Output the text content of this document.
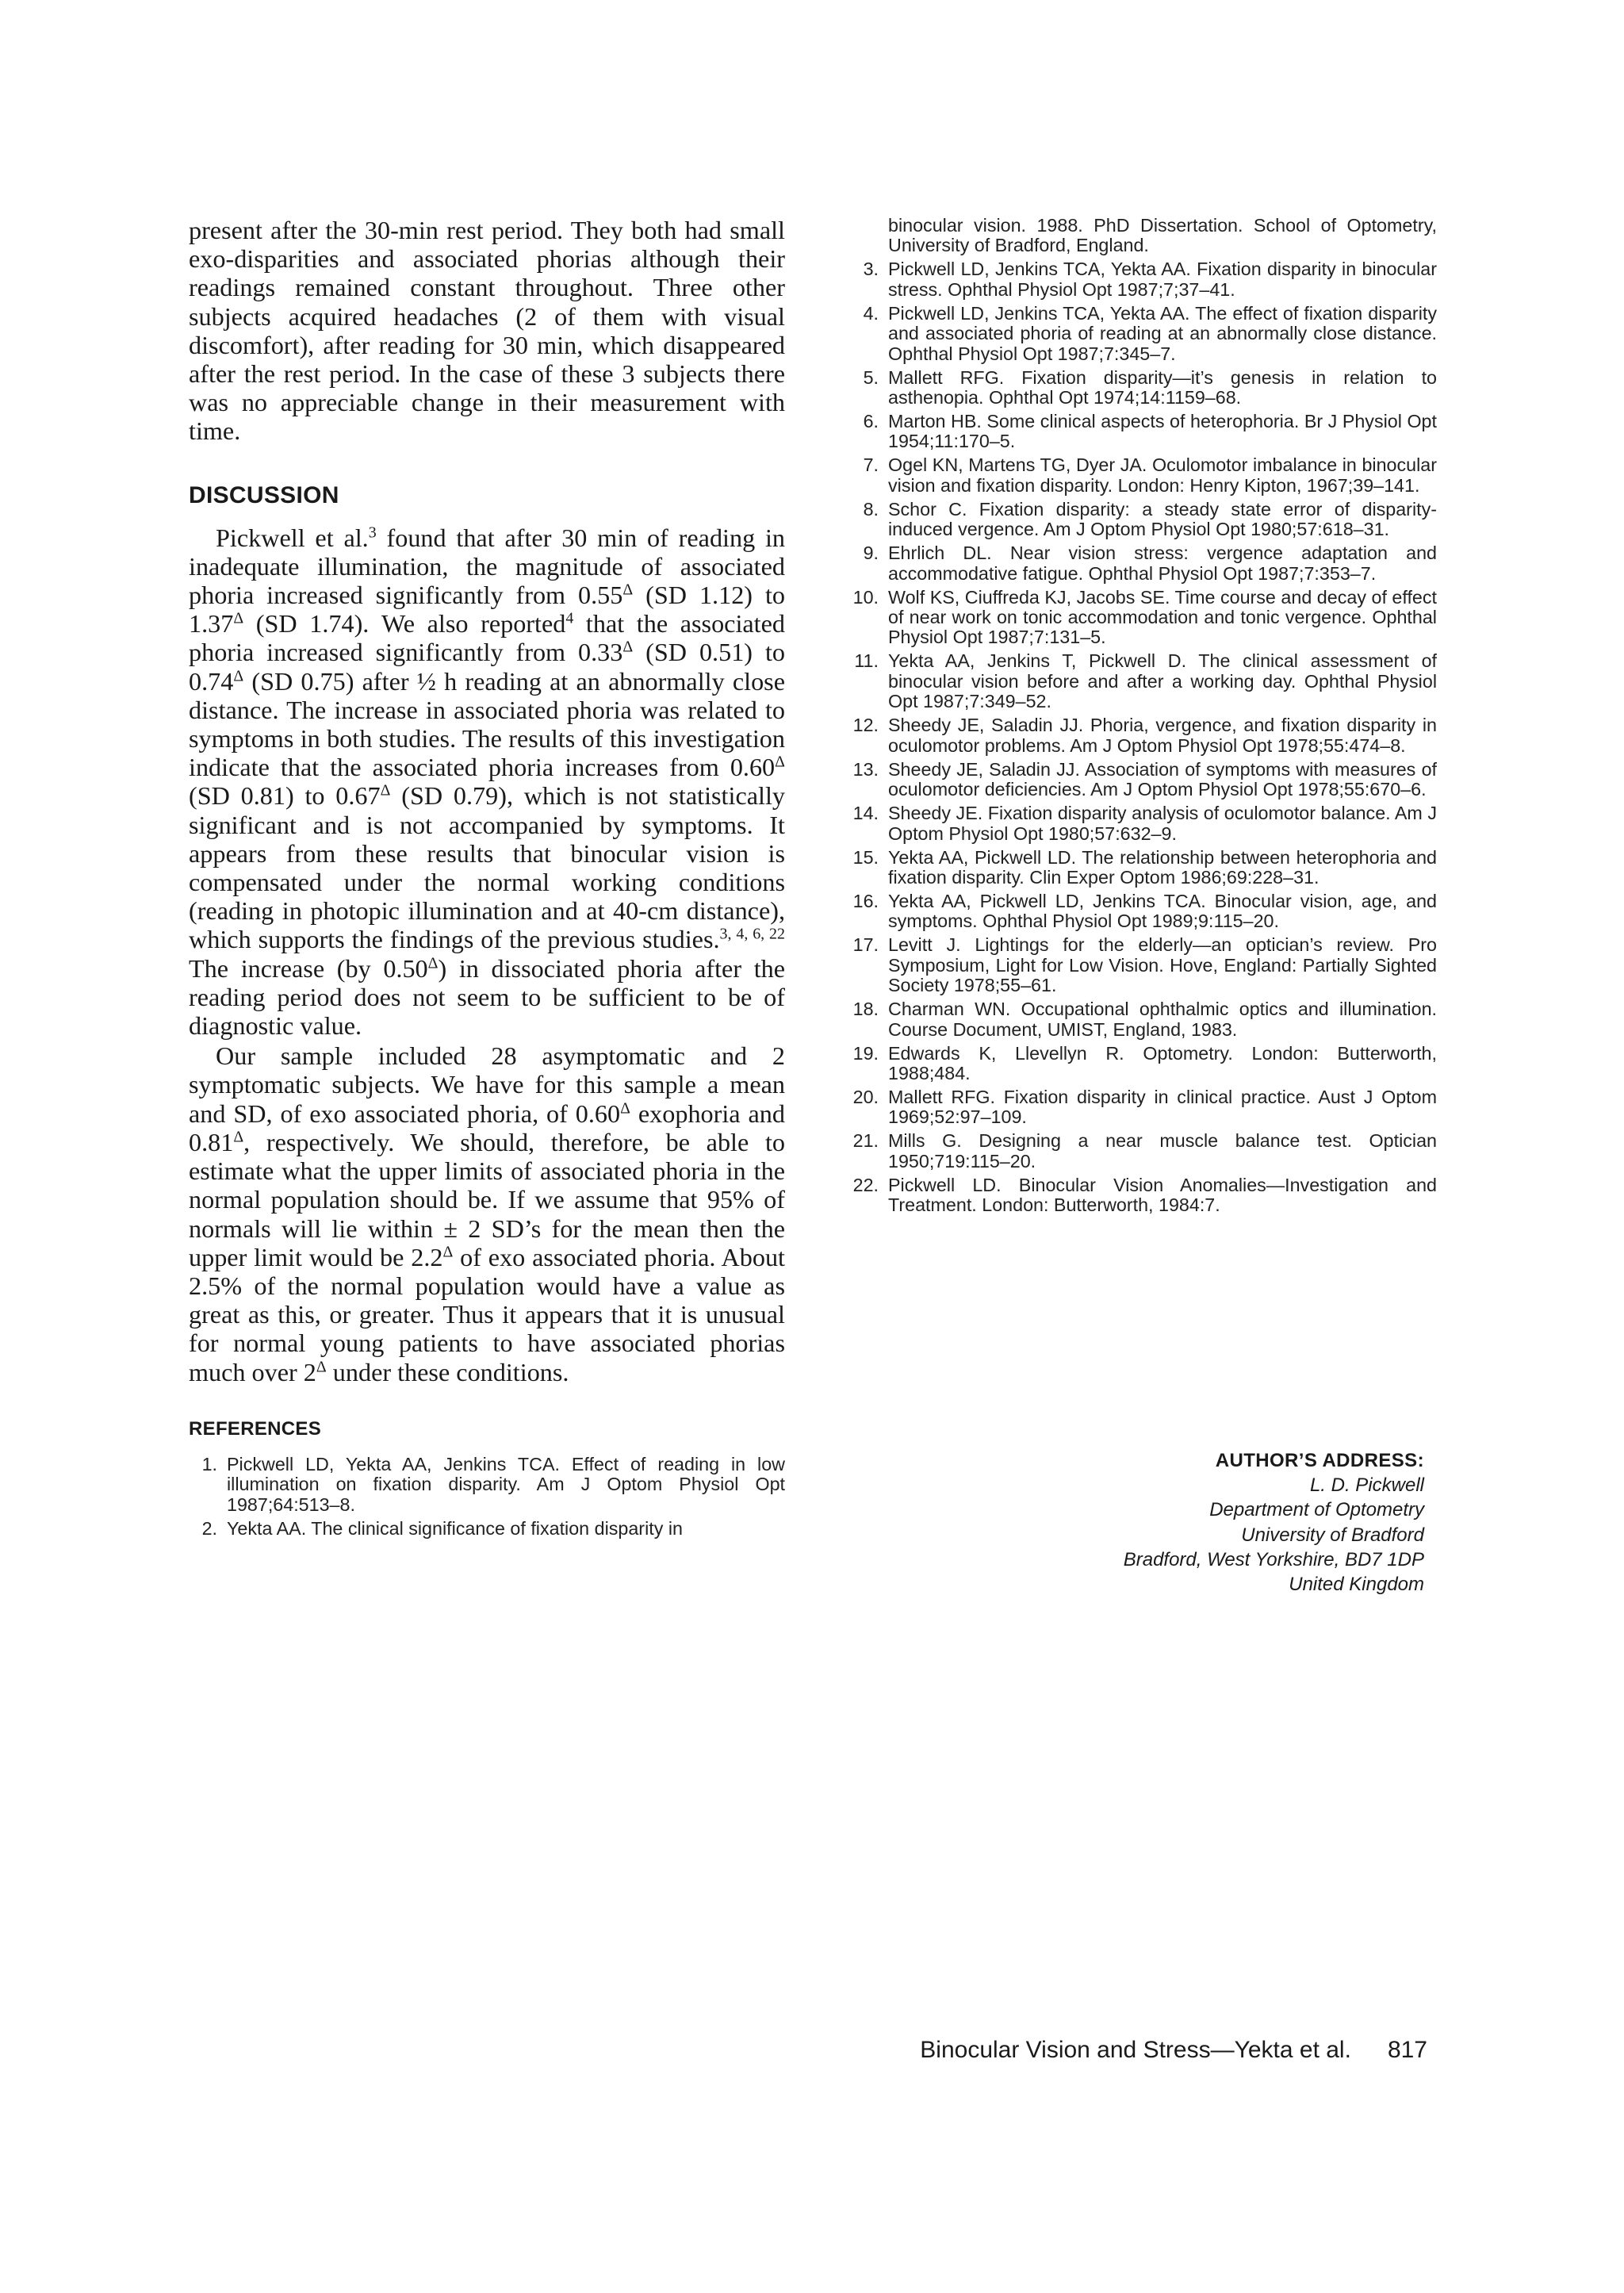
present after the 30-min rest period. They both had small exo-disparities and associated phorias although their readings remained constant throughout. Three other subjects acquired headaches (2 of them with visual discomfort), after reading for 30 min, which disappeared after the rest period. In the case of these 3 subjects there was no appreciable change in their measurement with time.

DISCUSSION

Pickwell et al.$^3$ found that after 30 min of reading in inadequate illumination, the magnitude of associated phoria increased significantly from $0.55^\Delta$ (SD 1.12) to $1.37^\Delta$ (SD 1.74). We also reported$^4$ that the associated phoria increased significantly from $0.33^\Delta$ (SD 0.51) to $0.74^\Delta$ (SD 0.75) after ½ h reading at an abnormally close distance. The increase in associated phoria was related to symptoms in both studies. The results of this investigation indicate that the associated phoria increases from $0.60^\Delta$ (SD 0.81) to $0.67^\Delta$ (SD 0.79), which is not statistically significant and is not accompanied by symptoms. It appears from these results that binocular vision is compensated under the normal working conditions (reading in photopic illumination and at 40-cm distance), which supports the findings of the previous studies.$^{3, 4, 6, 22}$ The increase (by $0.50^\Delta$) in dissociated phoria after the reading period does not seem to be sufficient to be of diagnostic value.

Our sample included 28 asymptomatic and 2 symptomatic subjects. We have for this sample a mean and SD, of exo associated phoria, of $0.60^\Delta$ exophoria and $0.81^\Delta$, respectively. We should, therefore, be able to estimate what the upper limits of associated phoria in the normal population should be. If we assume that 95% of normals will lie within ± 2 SD’s for the mean then the upper limit would be $2.2^\Delta$ of exo associated phoria. About 2.5% of the normal population would have a value as great as this, or greater. Thus it appears that it is unusual for normal young patients to have associated phorias much over $2^\Delta$ under these conditions.

REFERENCES
1. Pickwell LD, Yekta AA, Jenkins TCA. Effect of reading in low illumination on fixation disparity. Am J Optom Physiol Opt 1987;64:513–8.
2. Yekta AA. The clinical significance of fixation disparity in
binocular vision. 1988. PhD Dissertation. School of Optometry, University of Bradford, England.
3. Pickwell LD, Jenkins TCA, Yekta AA. Fixation disparity in binocular stress. Ophthal Physiol Opt 1987;7;37–41.
4. Pickwell LD, Jenkins TCA, Yekta AA. The effect of fixation disparity and associated phoria of reading at an abnormally close distance. Ophthal Physiol Opt 1987;7:345–7.
5. Mallett RFG. Fixation disparity—it’s genesis in relation to asthenopia. Ophthal Opt 1974;14:1159–68.
6. Marton HB. Some clinical aspects of heterophoria. Br J Physiol Opt 1954;11:170–5.
7. Ogel KN, Martens TG, Dyer JA. Oculomotor imbalance in binocular vision and fixation disparity. London: Henry Kipton, 1967;39–141.
8. Schor C. Fixation disparity: a steady state error of disparity-induced vergence. Am J Optom Physiol Opt 1980;57:618–31.
9. Ehrlich DL. Near vision stress: vergence adaptation and accommodative fatigue. Ophthal Physiol Opt 1987;7:353–7.
10. Wolf KS, Ciuffreda KJ, Jacobs SE. Time course and decay of effect of near work on tonic accommodation and tonic vergence. Ophthal Physiol Opt 1987;7:131–5.
11. Yekta AA, Jenkins T, Pickwell D. The clinical assessment of binocular vision before and after a working day. Ophthal Physiol Opt 1987;7:349–52.
12. Sheedy JE, Saladin JJ. Phoria, vergence, and fixation disparity in oculomotor problems. Am J Optom Physiol Opt 1978;55:474–8.
13. Sheedy JE, Saladin JJ. Association of symptoms with measures of oculomotor deficiencies. Am J Optom Physiol Opt 1978;55:670–6.
14. Sheedy JE. Fixation disparity analysis of oculomotor balance. Am J Optom Physiol Opt 1980;57:632–9.
15. Yekta AA, Pickwell LD. The relationship between heterophoria and fixation disparity. Clin Exper Optom 1986;69:228–31.
16. Yekta AA, Pickwell LD, Jenkins TCA. Binocular vision, age, and symptoms. Ophthal Physiol Opt 1989;9:115–20.
17. Levitt J. Lightings for the elderly—an optician’s review. Pro Symposium, Light for Low Vision. Hove, England: Partially Sighted Society 1978;55–61.
18. Charman WN. Occupational ophthalmic optics and illumination. Course Document, UMIST, England, 1983.
19. Edwards K, Llevellyn R. Optometry. London: Butterworth, 1988;484.
20. Mallett RFG. Fixation disparity in clinical practice. Aust J Optom 1969;52:97–109.
21. Mills G. Designing a near muscle balance test. Optician 1950;719:115–20.
22. Pickwell LD. Binocular Vision Anomalies—Investigation and Treatment. London: Butterworth, 1984:7.
AUTHOR’S ADDRESS:
L. D. Pickwell
Department of Optometry
University of Bradford
Bradford, West Yorkshire, BD7 1DP
United Kingdom
Binocular Vision and Stress—Yekta et al. 817
